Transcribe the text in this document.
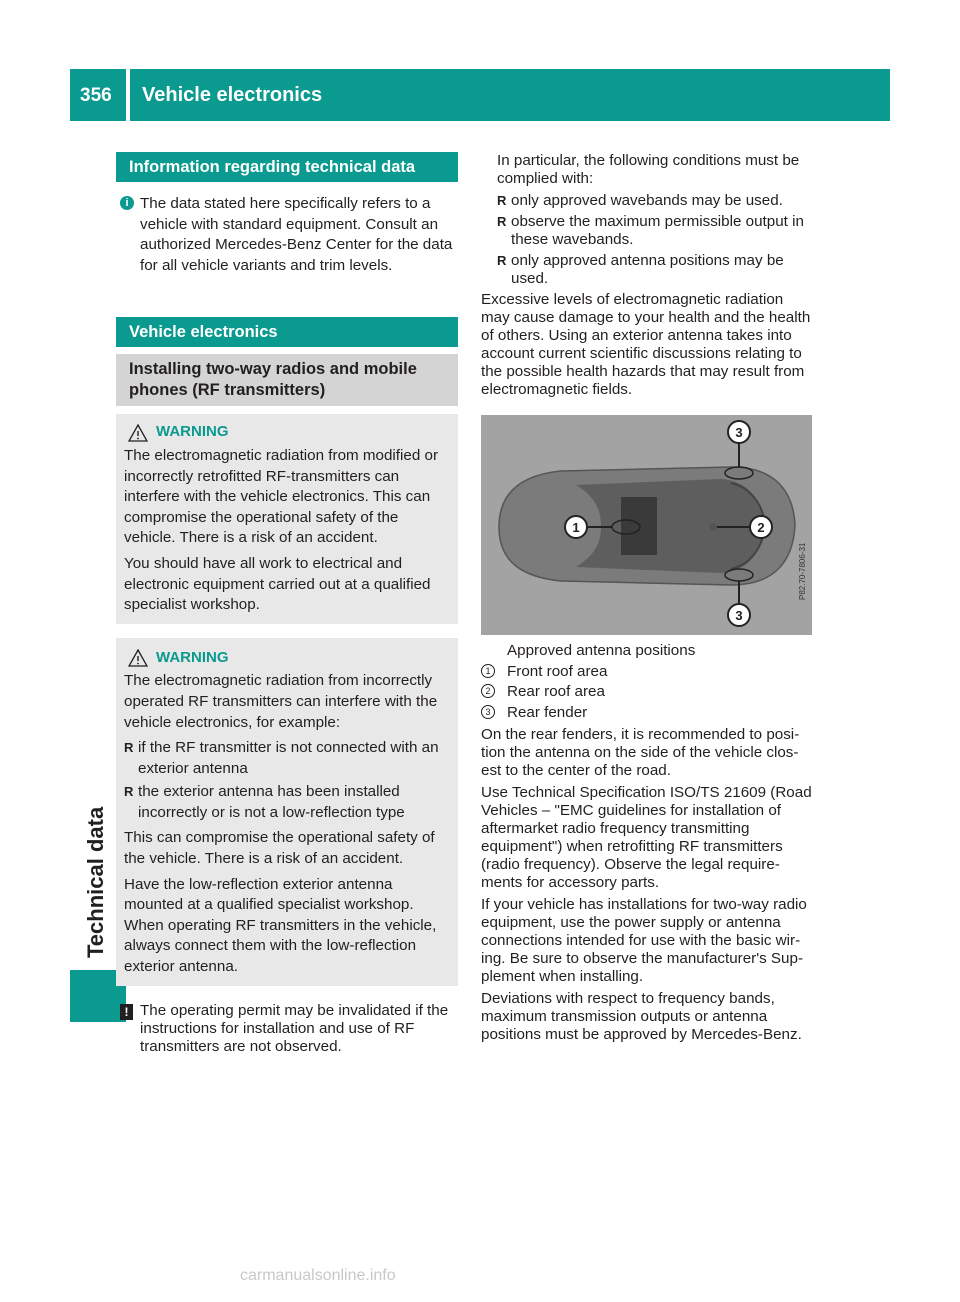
356 Vehicle electronics
Technical data
Information regarding technical data
i The data stated here specifically refers to a vehicle with standard equipment. Consult an authorized Mercedes-Benz Center for the data for all vehicle variants and trim levels.

Vehicle electronics
Installing two-way radios and mobile phones (RF transmitters)
WARNING

The electromagnetic radiation from modified or incorrectly retrofitted RF-transmitters can interfere with the vehicle electronics. This can compromise the operational safety of the vehicle. There is a risk of an accident.

You should have all work to electrical and electronic equipment carried out at a qualified specialist workshop.

WARNING

The electromagnetic radiation from incorrectly operated RF transmitters can interfere with the vehicle electronics, for example:

R if the RF transmitter is not connected with an exterior antenna
R the exterior antenna has been installed incorrectly or is not a low-reflection type

This can compromise the operational safety of the vehicle. There is a risk of an accident.

Have the low-reflection exterior antenna mounted at a qualified specialist workshop. When operating RF transmitters in the vehicle, always connect them with the low-reflection exterior antenna.

! The operating permit may be invalidated if the instructions for installation and use of RF transmitters are not observed.

In particular, the following conditions must be complied with:

R only approved wavebands may be used.
R observe the maximum permissible output in these wavebands.
R only approved antenna positions may be used.

Excessive levels of electromagnetic radiation may cause damage to your health and the health of others. Using an exterior antenna takes into account current scientific discussions relating to the possible health hazards that may result from electromagnetic fields.

1	2
3
3
P82.70-7806-31

Approved antenna positions

1 Front roof area
2 Rear roof area
3 Rear fender

On the rear fenders, it is recommended to position the antenna on the side of the vehicle closest to the center of the road.

Use Technical Specification ISO/TS 21609 (Road Vehicles – "EMC guidelines for installation of aftermarket radio frequency transmitting equipment") when retrofitting RF transmitters (radio frequency). Observe the legal requirements for accessory parts.

If your vehicle has installations for two-way radio equipment, use the power supply or antenna connections intended for use with the basic wiring. Be sure to observe the manufacturer's Supplement when installing.

Deviations with respect to frequency bands, maximum transmission outputs or antenna positions must be approved by Mercedes-Benz.

carmanualsonline.info
